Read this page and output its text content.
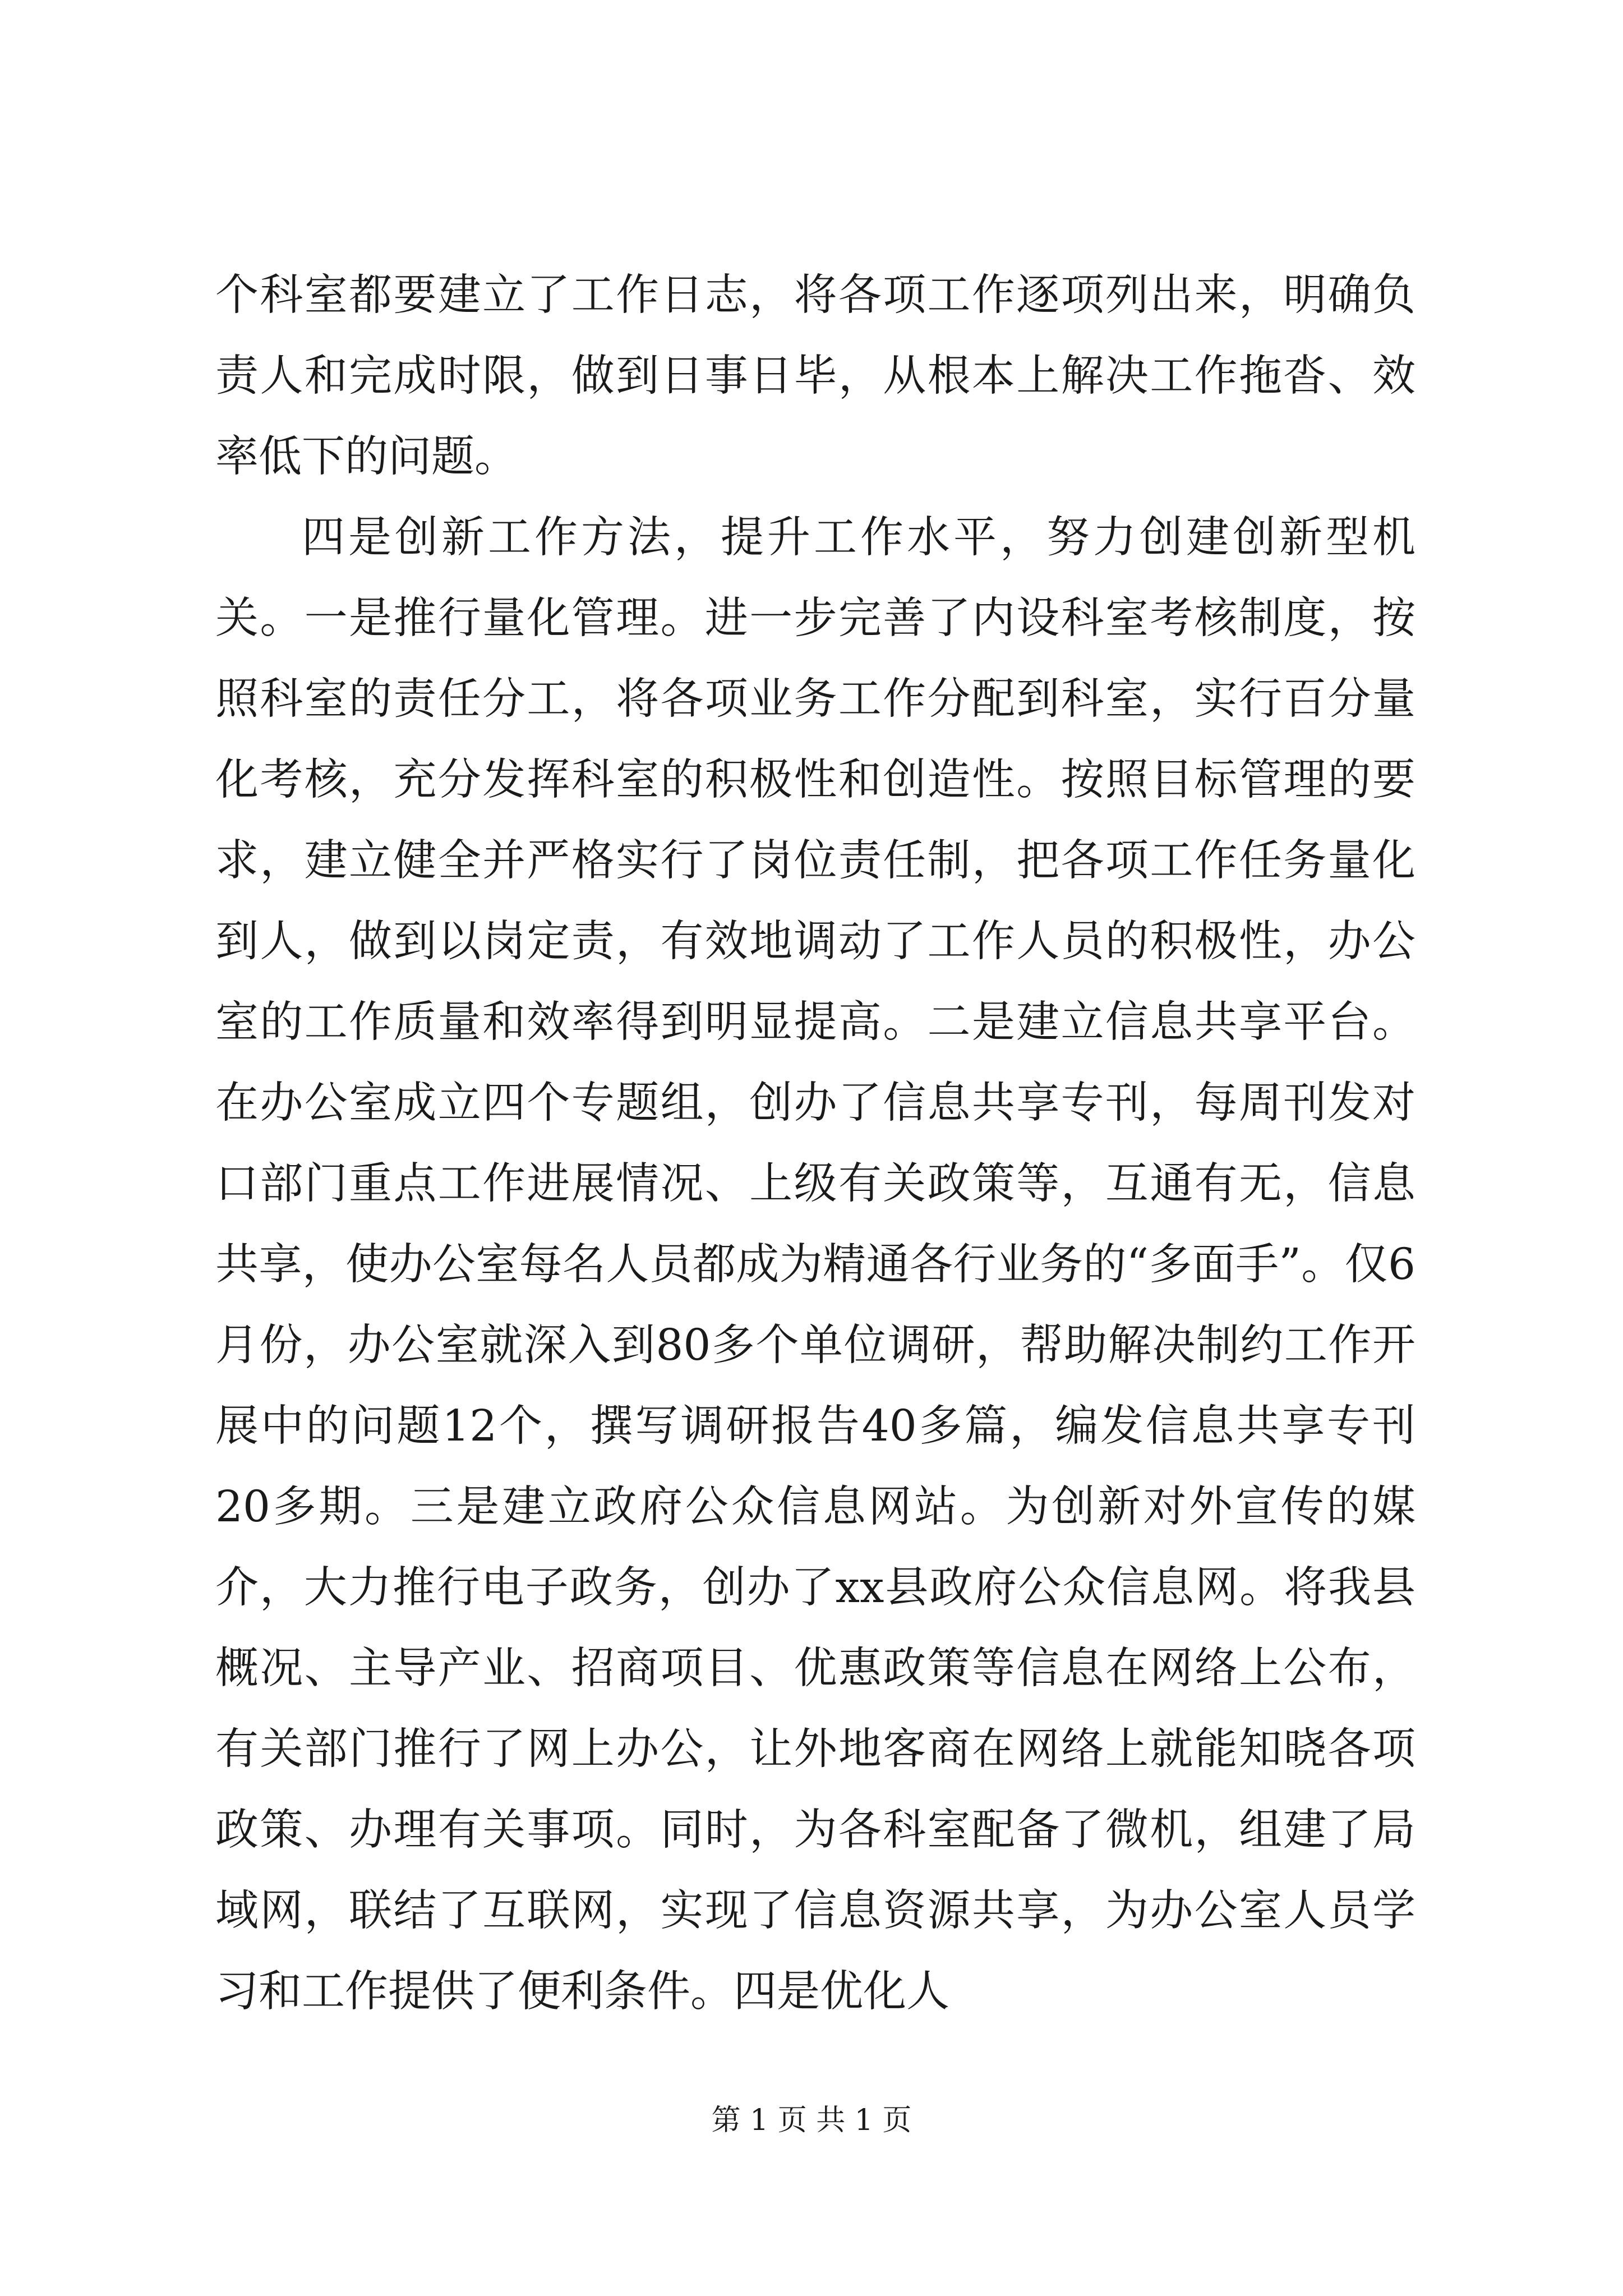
个科室都要建立了工作日志，将各项工作逐项列出来，明确负责人和完成时限，做到日事日毕，从根本上解决工作拖沓、效率低下的问题。

四是创新工作方法，提升工作水平，努力创建创新型机关。一是推行量化管理。进一步完善了内设科室考核制度，按照科室的责任分工，将各项业务工作分配到科室，实行百分量化考核，充分发挥科室的积极性和创造性。按照目标管理的要求，建立健全并严格实行了岗位责任制，把各项工作任务量化到人，做到以岗定责，有效地调动了工作人员的积极性，办公室的工作质量和效率得到明显提高。二是建立信息共享平台。在办公室成立四个专题组，创办了信息共享专刊，每周刊发对口部门重点工作进展情况、上级有关政策等，互通有无，信息共享，使办公室每名人员都成为精通各行业务的“多面手”。仅6月份，办公室就深入到80多个单位调研，帮助解决制约工作开展中的问题12个，撰写调研报告40多篇，编发信息共享专刊20多期。三是建立政府公众信息网站。为创新对外宣传的媒介，大力推行电子政务，创办了xx县政府公众信息网。将我县概况、主导产业、招商项目、优惠政策等信息在网络上公布，有关部门推行了网上办公，让外地客商在网络上就能知晓各项政策、办理有关事项。同时，为各科室配备了微机，组建了局域网，联结了互联网，实现了信息资源共享，为办公室人员学习和工作提供了便利条件。四是优化人

第 1 页 共 1 页
